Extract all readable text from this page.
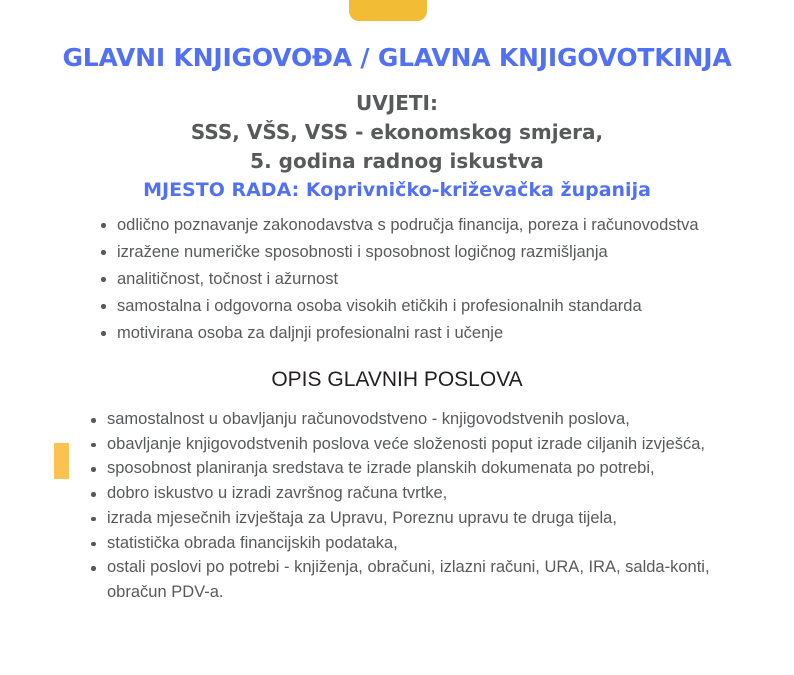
GLAVNI KNJIGOVOĐA / GLAVNA KNJIGOVOTKINJA
UVJETI:
SSS, VŠS, VSS - ekonomskog smjera,
5. godina radnog iskustva
MJESTO RADA: Koprivničko-križevačka županija
odlično poznavanje zakonodavstva s područja financija, poreza i računovodstva
izražene numeričke sposobnosti i sposobnost logičnog razmišljanja
analitičnost, točnost i ažurnost
samostalna i odgovorna osoba visokih etičkih i profesionalnih standarda
motivirana osoba za daljnji profesionalni rast i učenje
OPIS GLAVNIH POSLOVA
samostalnost u obavljanju računovodstveno - knjigovodstvenih poslova,
obavljanje knjigovodstvenih poslova veće složenosti poput izrade ciljanih izvješća,
sposobnost planiranja sredstava te izrade planskih dokumenata po potrebi,
dobro iskustvo u izradi završnog računa tvrtke,
izrada mjesečnih izvještaja za Upravu, Poreznu upravu te druga tijela,
statistička obrada financijskih podataka,
ostali poslovi po potrebi - knjiženja, obračuni, izlazni računi, URA, IRA, salda-konti, obračun PDV-a.
